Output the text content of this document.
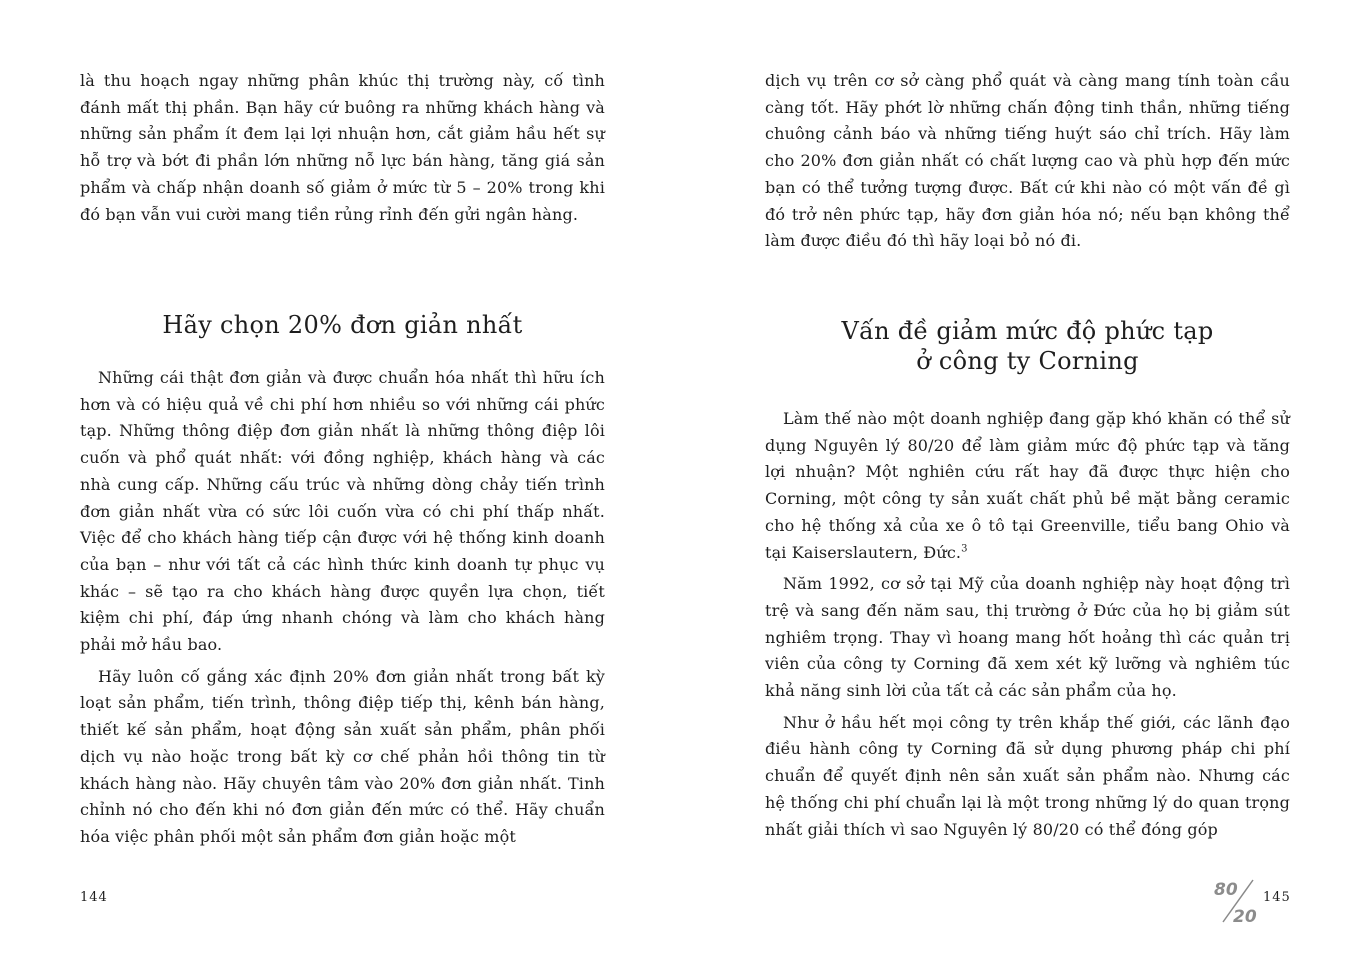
là thu hoạch ngay những phân khúc thị trường này, cố tình đánh mất thị phần. Bạn hãy cứ buông ra những khách hàng và những sản phẩm ít đem lại lợi nhuận hơn, cắt giảm hầu hết sự hỗ trợ và bớt đi phần lớn những nỗ lực bán hàng, tăng giá sản phẩm và chấp nhận doanh số giảm ở mức từ 5 – 20% trong khi đó bạn vẫn vui cười mang tiền rủng rỉnh đến gửi ngân hàng.

Hãy chọn 20% đơn giản nhất

Những cái thật đơn giản và được chuẩn hóa nhất thì hữu ích hơn và có hiệu quả về chi phí hơn nhiều so với những cái phức tạp. Những thông điệp đơn giản nhất là những thông điệp lôi cuốn và phổ quát nhất: với đồng nghiệp, khách hàng và các nhà cung cấp. Những cấu trúc và những dòng chảy tiến trình đơn giản nhất vừa có sức lôi cuốn vừa có chi phí thấp nhất. Việc để cho khách hàng tiếp cận được với hệ thống kinh doanh của bạn – như với tất cả các hình thức kinh doanh tự phục vụ khác – sẽ tạo ra cho khách hàng được quyền lựa chọn, tiết kiệm chi phí, đáp ứng nhanh chóng và làm cho khách hàng phải mở hầu bao.

Hãy luôn cố gắng xác định 20% đơn giản nhất trong bất kỳ loạt sản phẩm, tiến trình, thông điệp tiếp thị, kênh bán hàng, thiết kế sản phẩm, hoạt động sản xuất sản phẩm, phân phối dịch vụ nào hoặc trong bất kỳ cơ chế phản hồi thông tin từ khách hàng nào. Hãy chuyên tâm vào 20% đơn giản nhất. Tinh chỉnh nó cho đến khi nó đơn giản đến mức có thể. Hãy chuẩn hóa việc phân phối một sản phẩm đơn giản hoặc một

144

dịch vụ trên cơ sở càng phổ quát và càng mang tính toàn cầu càng tốt. Hãy phớt lờ những chấn động tinh thần, những tiếng chuông cảnh báo và những tiếng huýt sáo chỉ trích. Hãy làm cho 20% đơn giản nhất có chất lượng cao và phù hợp đến mức bạn có thể tưởng tượng được. Bất cứ khi nào có một vấn đề gì đó trở nên phức tạp, hãy đơn giản hóa nó; nếu bạn không thể làm được điều đó thì hãy loại bỏ nó đi.

Vấn đề giảm mức độ phức tạp
ở công ty Corning

Làm thế nào một doanh nghiệp đang gặp khó khăn có thể sử dụng Nguyên lý 80/20 để làm giảm mức độ phức tạp và tăng lợi nhuận? Một nghiên cứu rất hay đã được thực hiện cho Corning, một công ty sản xuất chất phủ bề mặt bằng ceramic cho hệ thống xả của xe ô tô tại Greenville, tiểu bang Ohio và tại Kaiserslautern, Đức.$^3$

Năm 1992, cơ sở tại Mỹ của doanh nghiệp này hoạt động trì trệ và sang đến năm sau, thị trường ở Đức của họ bị giảm sút nghiêm trọng. Thay vì hoang mang hốt hoảng thì các quản trị viên của công ty Corning đã xem xét kỹ lưỡng và nghiêm túc khả năng sinh lời của tất cả các sản phẩm của họ.

Như ở hầu hết mọi công ty trên khắp thế giới, các lãnh đạo điều hành công ty Corning đã sử dụng phương pháp chi phí chuẩn để quyết định nên sản xuất sản phẩm nào. Nhưng các hệ thống chi phí chuẩn lại là một trong những lý do quan trọng nhất giải thích vì sao Nguyên lý 80/20 có thể đóng góp

80
20
145
